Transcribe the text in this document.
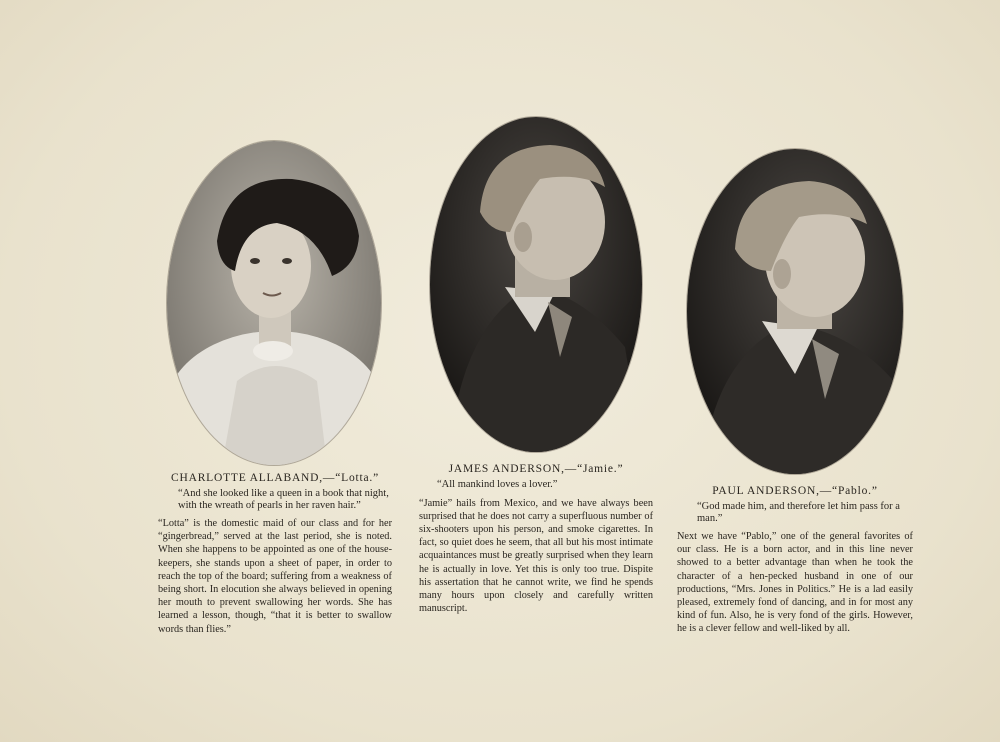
CHARLOTTE ALLABAND,—“Lotta.”
“And she looked like a queen in a book that night, with the wreath of pearls in her raven hair.”
“Lotta” is the domestic maid of our class and for her “gingerbread,” served at the last period, she is noted. When she happens to be appointed as one of the house-keepers, she stands upon a sheet of paper, in order to reach the top of the board; suffering from a weakness of being short. In elocution she always believed in opening her mouth to prevent swallowing her words. She has learned a lesson, though, “that it is better to swallow words than flies.”
JAMES ANDERSON,—“Jamie.”
“All mankind loves a lover.”
“Jamie” hails from Mexico, and we have always been surprised that he does not carry a superfluous number of six-shooters upon his person, and smoke cigarettes. In fact, so quiet does he seem, that all but his most intimate acquaintances must be greatly surprised when they learn he is actually in love. Yet this is only too true. Dispite his assertation that he cannot write, we find he spends many hours upon closely and carefully written manuscript.
PAUL ANDERSON,—“Pablo.”
“God made him, and therefore let him pass for a man.”
Next we have “Pablo,” one of the general favorites of our class. He is a born actor, and in this line never showed to a better advantage than when he took the character of a hen-pecked husband in one of our productions, “Mrs. Jones in Politics.” He is a lad easily pleased, extremely fond of dancing, and in for most any kind of fun. Also, he is very fond of the girls. However, he is a clever fellow and well-liked by all.
